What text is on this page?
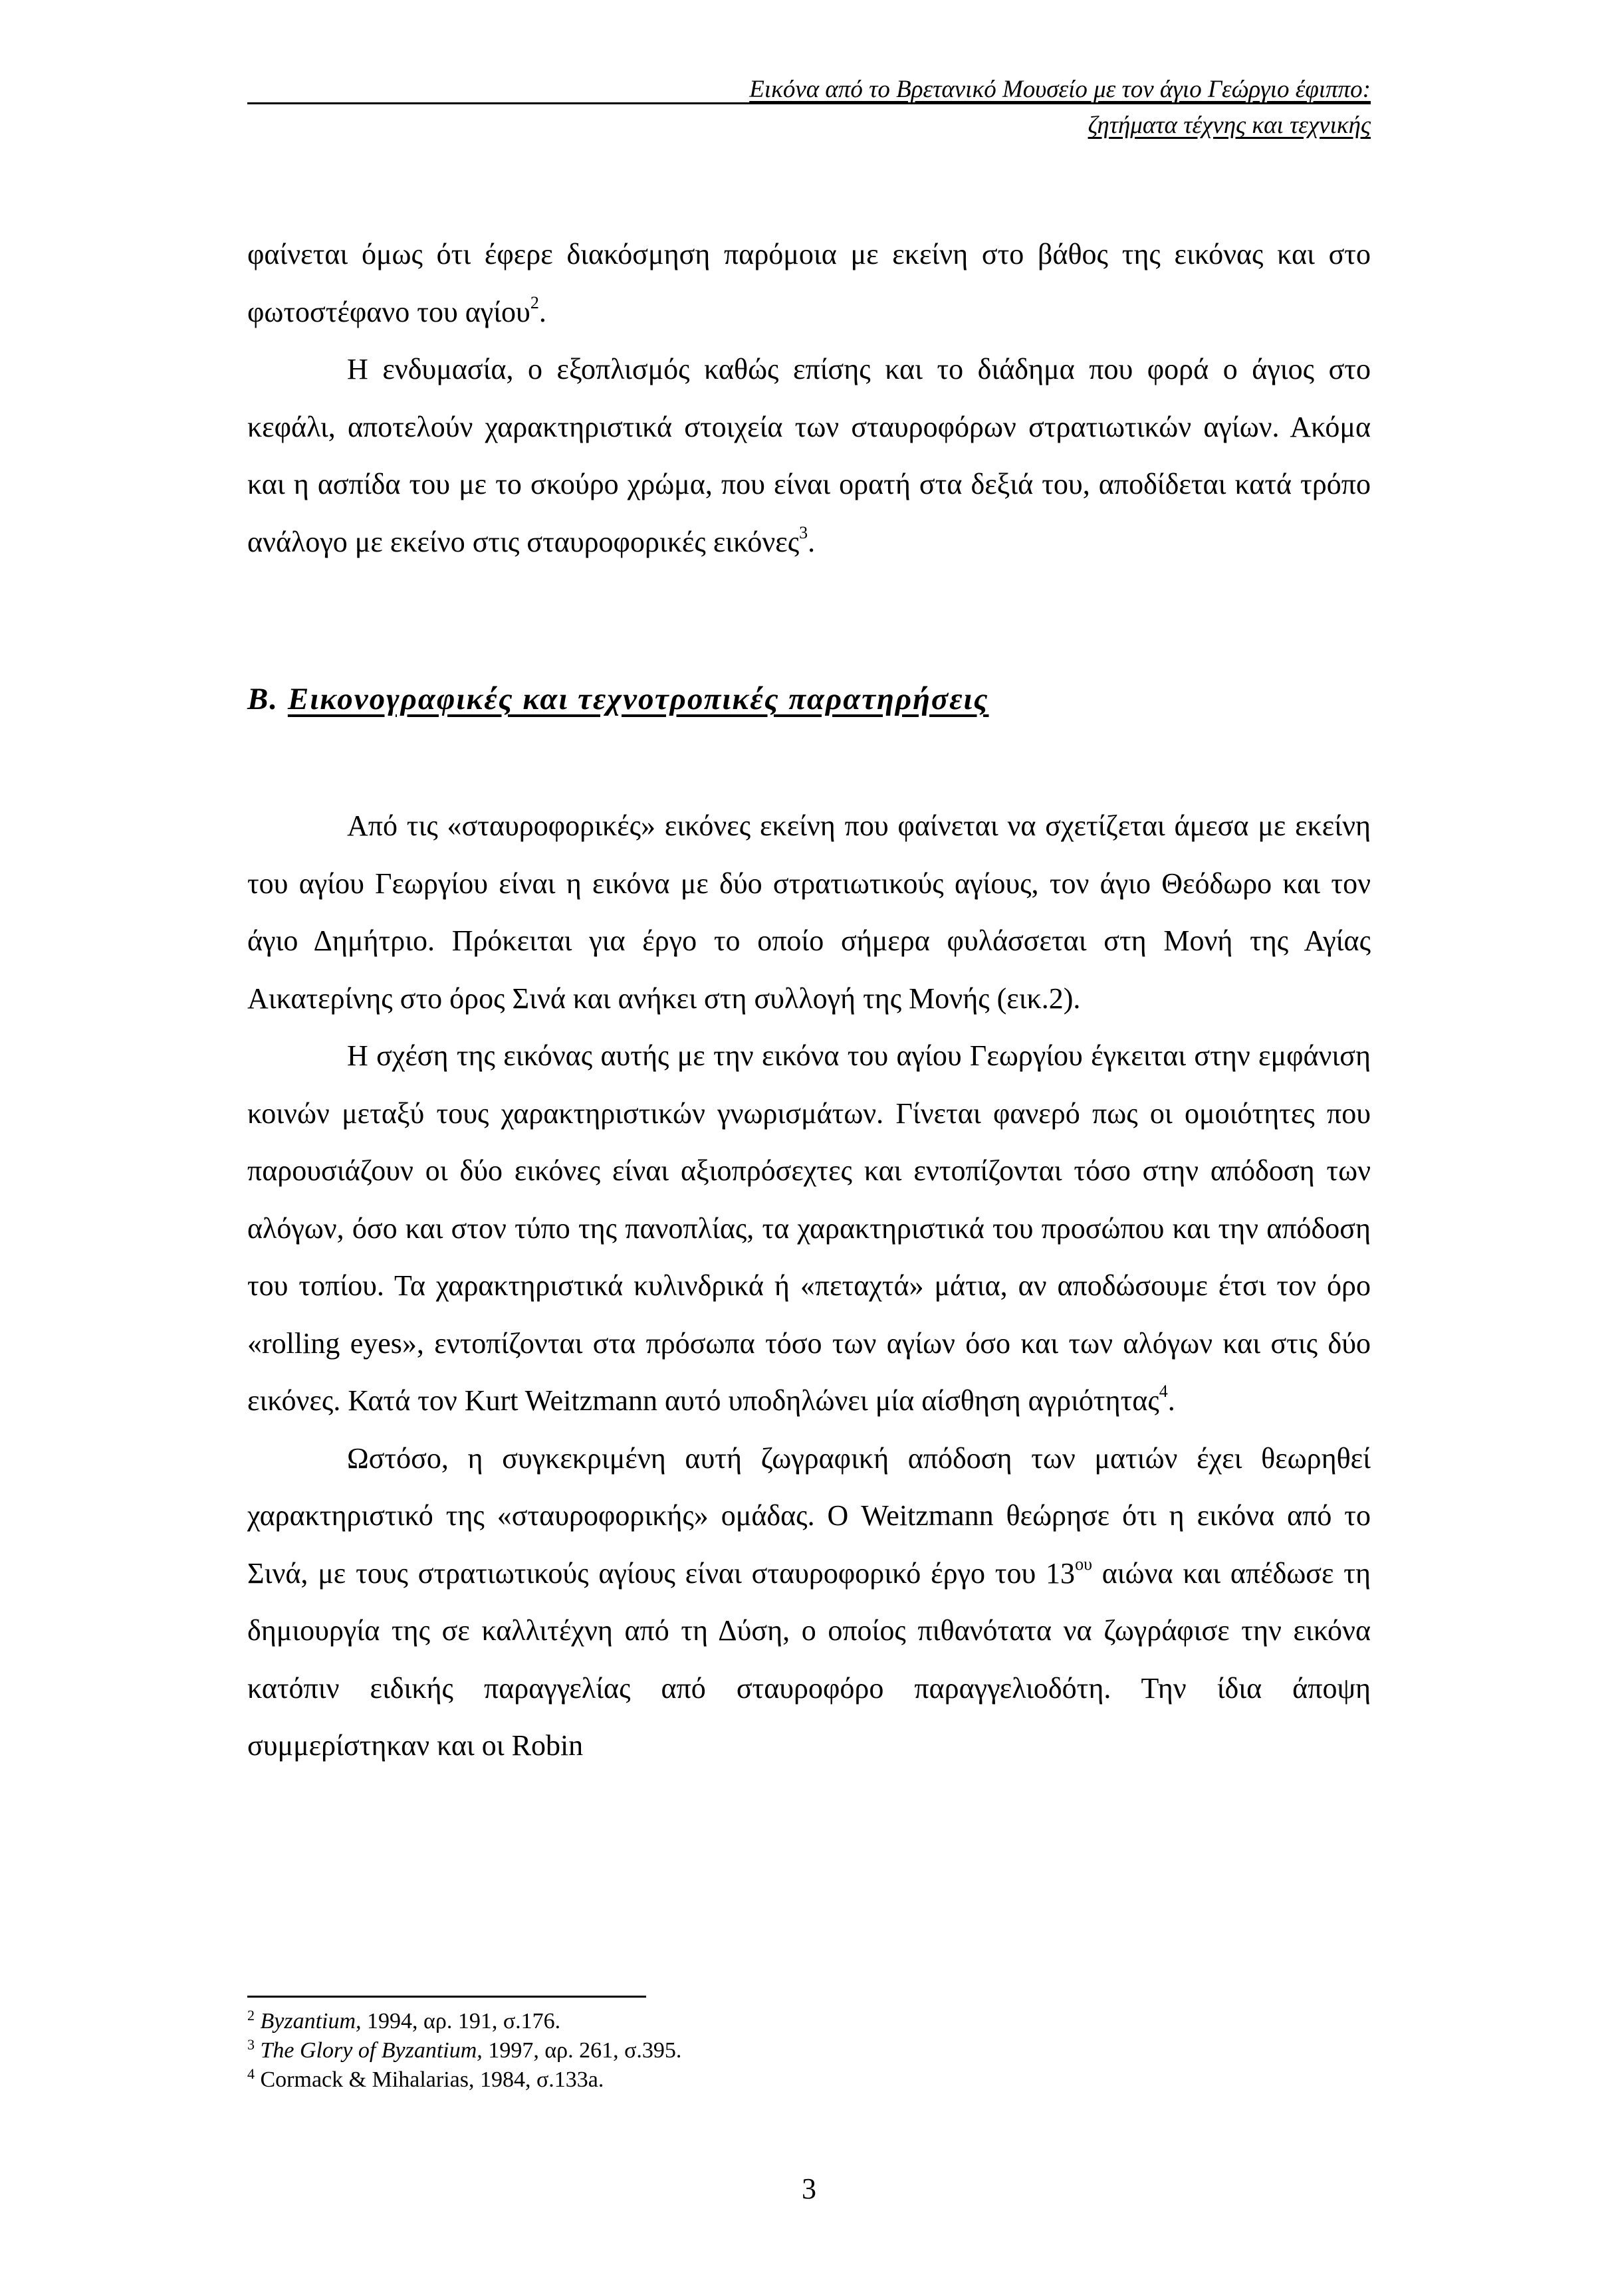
Εικόνα από το Βρετανικό Μουσείο με τον άγιο Γεώργιο έφιππο:
ζητήματα τέχνης και τεχνικής

φαίνεται όμως ότι έφερε διακόσμηση παρόμοια με εκείνη στο βάθος της εικόνας και στο φωτοστέφανο του αγίου$^2$.

Η ενδυμασία, ο εξοπλισμός καθώς επίσης και το διάδημα που φορά ο άγιος στο κεφάλι, αποτελούν χαρακτηριστικά στοιχεία των σταυροφόρων στρατιωτικών αγίων. Ακόμα και η ασπίδα του με το σκούρο χρώμα, που είναι ορατή στα δεξιά του, αποδίδεται κατά τρόπο ανάλογο με εκείνο στις σταυροφορικές εικόνες$^3$.

Β. Εικονογραφικές και τεχνοτροπικές παρατηρήσεις

Από τις «σταυροφορικές» εικόνες εκείνη που φαίνεται να σχετίζεται άμεσα με εκείνη του αγίου Γεωργίου είναι η εικόνα με δύο στρατιωτικούς αγίους, τον άγιο Θεόδωρο και τον άγιο Δημήτριο. Πρόκειται για έργο το οποίο σήμερα φυλάσσεται στη Μονή της Αγίας Αικατερίνης στο όρος Σινά και ανήκει στη συλλογή της Μονής (εικ.2).

Η σχέση της εικόνας αυτής με την εικόνα του αγίου Γεωργίου έγκειται στην εμφάνιση κοινών μεταξύ τους χαρακτηριστικών γνωρισμάτων. Γίνεται φανερό πως οι ομοιότητες που παρουσιάζουν οι δύο εικόνες είναι αξιοπρόσεχτες και εντοπίζονται τόσο στην απόδοση των αλόγων, όσο και στον τύπο της πανοπλίας, τα χαρακτηριστικά του προσώπου και την απόδοση του τοπίου. Τα χαρακτηριστικά κυλινδρικά ή «πεταχτά» μάτια, αν αποδώσουμε έτσι τον όρο «rolling eyes», εντοπίζονται στα πρόσωπα τόσο των αγίων όσο και των αλόγων και στις δύο εικόνες. Κατά τον Kurt Weitzmann αυτό υποδηλώνει μία αίσθηση αγριότητας$^4$.

Ωστόσο, η συγκεκριμένη αυτή ζωγραφική απόδοση των ματιών έχει θεωρηθεί χαρακτηριστικό της «σταυροφορικής» ομάδας. Ο Weitzmann θεώρησε ότι η εικόνα από το Σινά, με τους στρατιωτικούς αγίους είναι σταυροφορικό έργο του $13^{o\upsilon}$ αιώνα και απέδωσε τη δημιουργία της σε καλλιτέχνη από τη Δύση, ο οποίος πιθανότατα να ζωγράφισε την εικόνα κατόπιν ειδικής παραγγελίας από σταυροφόρο παραγγελιοδότη. Την ίδια άποψη συμμερίστηκαν και οι Robin

$^2$ Byzantium, 1994, αρ. 191, σ.176.
$^3$ The Glory of Byzantium, 1997, αρ. 261, σ.395.
$^4$ Cormack & Mihalarias, 1984, σ.133a.
3
